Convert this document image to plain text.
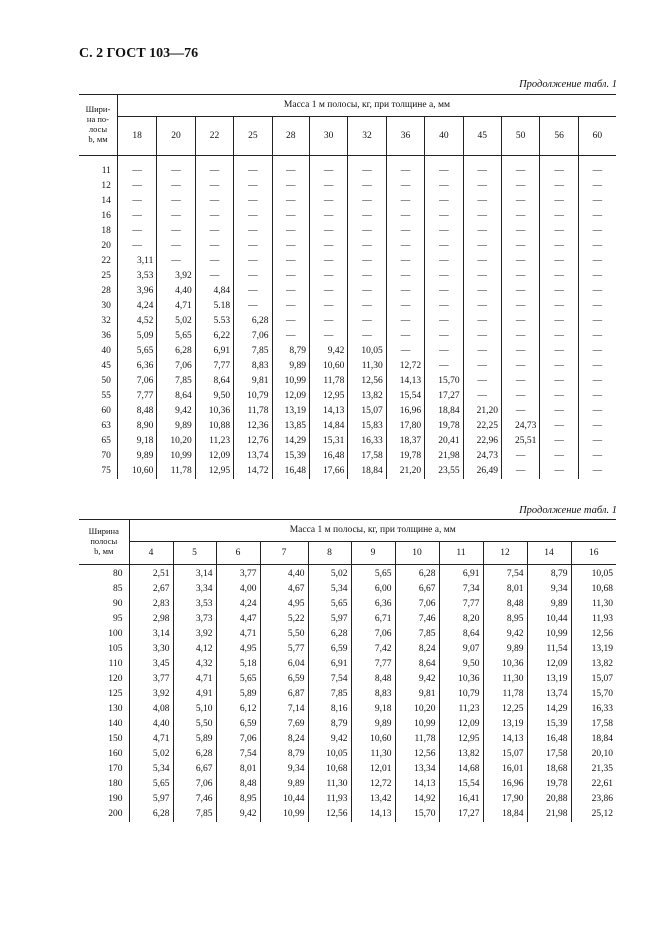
С. 2 ГОСТ 103—76
Продолжение табл. 1
Шири-
на по-
лосы
b, мм	Масса 1 м полосы, кг, при толщине a, мм												
	18	20	22	25	28	30	32	36	40	45	50	56	60
11	—	—	—	—	—	—	—	—	—	—	—	—	—
12	—	—	—	—	—	—	—	—	—	—	—	—	—
14	—	—	—	—	—	—	—	—	—	—	—	—	—
16	—	—	—	—	—	—	—	—	—	—	—	—	—
18	—	—	—	—	—	—	—	—	—	—	—	—	—
20	—	—	—	—	—	—	—	—	—	—	—	—	—
22	3,11	—	—	—	—	—	—	—	—	—	—	—	—
25	3,53	3,92	—	—	—	—	—	—	—	—	—	—	—
28	3,96	4,40	4,84	—	—	—	—	—	—	—	—	—	—
30	4,24	4,71	5.18	—	—	—	—	—	—	—	—	—	—
32	4,52	5,02	5.53	6,28	—	—	—	—	—	—	—	—	—
36	5,09	5,65	6,22	7,06	—	—	—	—	—	—	—	—	—
40	5,65	6,28	6,91	7,85	8,79	9,42	10,05	—	—	—	—	—	—
45	6,36	7,06	7,77	8,83	9,89	10,60	11,30	12,72	—	—	—	—	—
50	7,06	7,85	8,64	9,81	10,99	11,78	12,56	14,13	15,70	—	—	—	—
55	7,77	8,64	9,50	10,79	12,09	12,95	13,82	15,54	17,27	—	—	—	—
60	8,48	9,42	10,36	11,78	13,19	14,13	15,07	16,96	18,84	21,20	—	—	—
63	8,90	9,89	10,88	12,36	13,85	14,84	15,83	17,80	19,78	22,25	24,73	—	—
65	9,18	10,20	11,23	12,76	14,29	15,31	16,33	18,37	20,41	22,96	25,51	—	—
70	9,89	10,99	12,09	13,74	15,39	16,48	17,58	19,78	21,98	24,73	—	—	—
75	10,60	11,78	12,95	14,72	16,48	17,66	18,84	21,20	23,55	26,49	—	—	—
Продолжение табл. 1
Ширина
полосы
b, мм	Масса 1 м полосы, кг, при толщине a, мм										
	4	5	6	7	8	9	10	11	12	14	16
80	2,51	3,14	3,77	4,40	5,02	5,65	6,28	6,91	7,54	8,79	10,05
85	2,67	3,34	4,00	4,67	5,34	6,00	6,67	7,34	8,01	9,34	10,68
90	2,83	3,53	4,24	4,95	5,65	6,36	7,06	7,77	8,48	9,89	11,30
95	2,98	3,73	4,47	5,22	5,97	6,71	7,46	8,20	8,95	10,44	11,93
100	3,14	3,92	4,71	5,50	6,28	7,06	7,85	8,64	9,42	10,99	12,56
105	3,30	4,12	4,95	5,77	6,59	7,42	8,24	9,07	9,89	11,54	13,19
110	3,45	4,32	5,18	6,04	6,91	7,77	8,64	9,50	10,36	12,09	13,82
120	3,77	4,71	5,65	6,59	7,54	8,48	9,42	10,36	11,30	13,19	15,07
125	3,92	4,91	5,89	6,87	7,85	8,83	9,81	10,79	11,78	13,74	15,70
130	4,08	5,10	6,12	7,14	8,16	9,18	10,20	11,23	12,25	14,29	16,33
140	4,40	5,50	6,59	7,69	8,79	9,89	10,99	12,09	13,19	15,39	17,58
150	4,71	5,89	7,06	8,24	9,42	10,60	11,78	12,95	14,13	16,48	18,84
160	5,02	6,28	7,54	8,79	10,05	11,30	12,56	13,82	15,07	17,58	20,10
170	5,34	6,67	8,01	9,34	10,68	12,01	13,34	14,68	16,01	18,68	21,35
180	5,65	7,06	8,48	9,89	11,30	12,72	14,13	15,54	16,96	19,78	22,61
190	5,97	7,46	8,95	10,44	11,93	13,42	14,92	16,41	17,90	20,88	23,86
200	6,28	7,85	9,42	10,99	12,56	14,13	15,70	17,27	18,84	21,98	25,12
